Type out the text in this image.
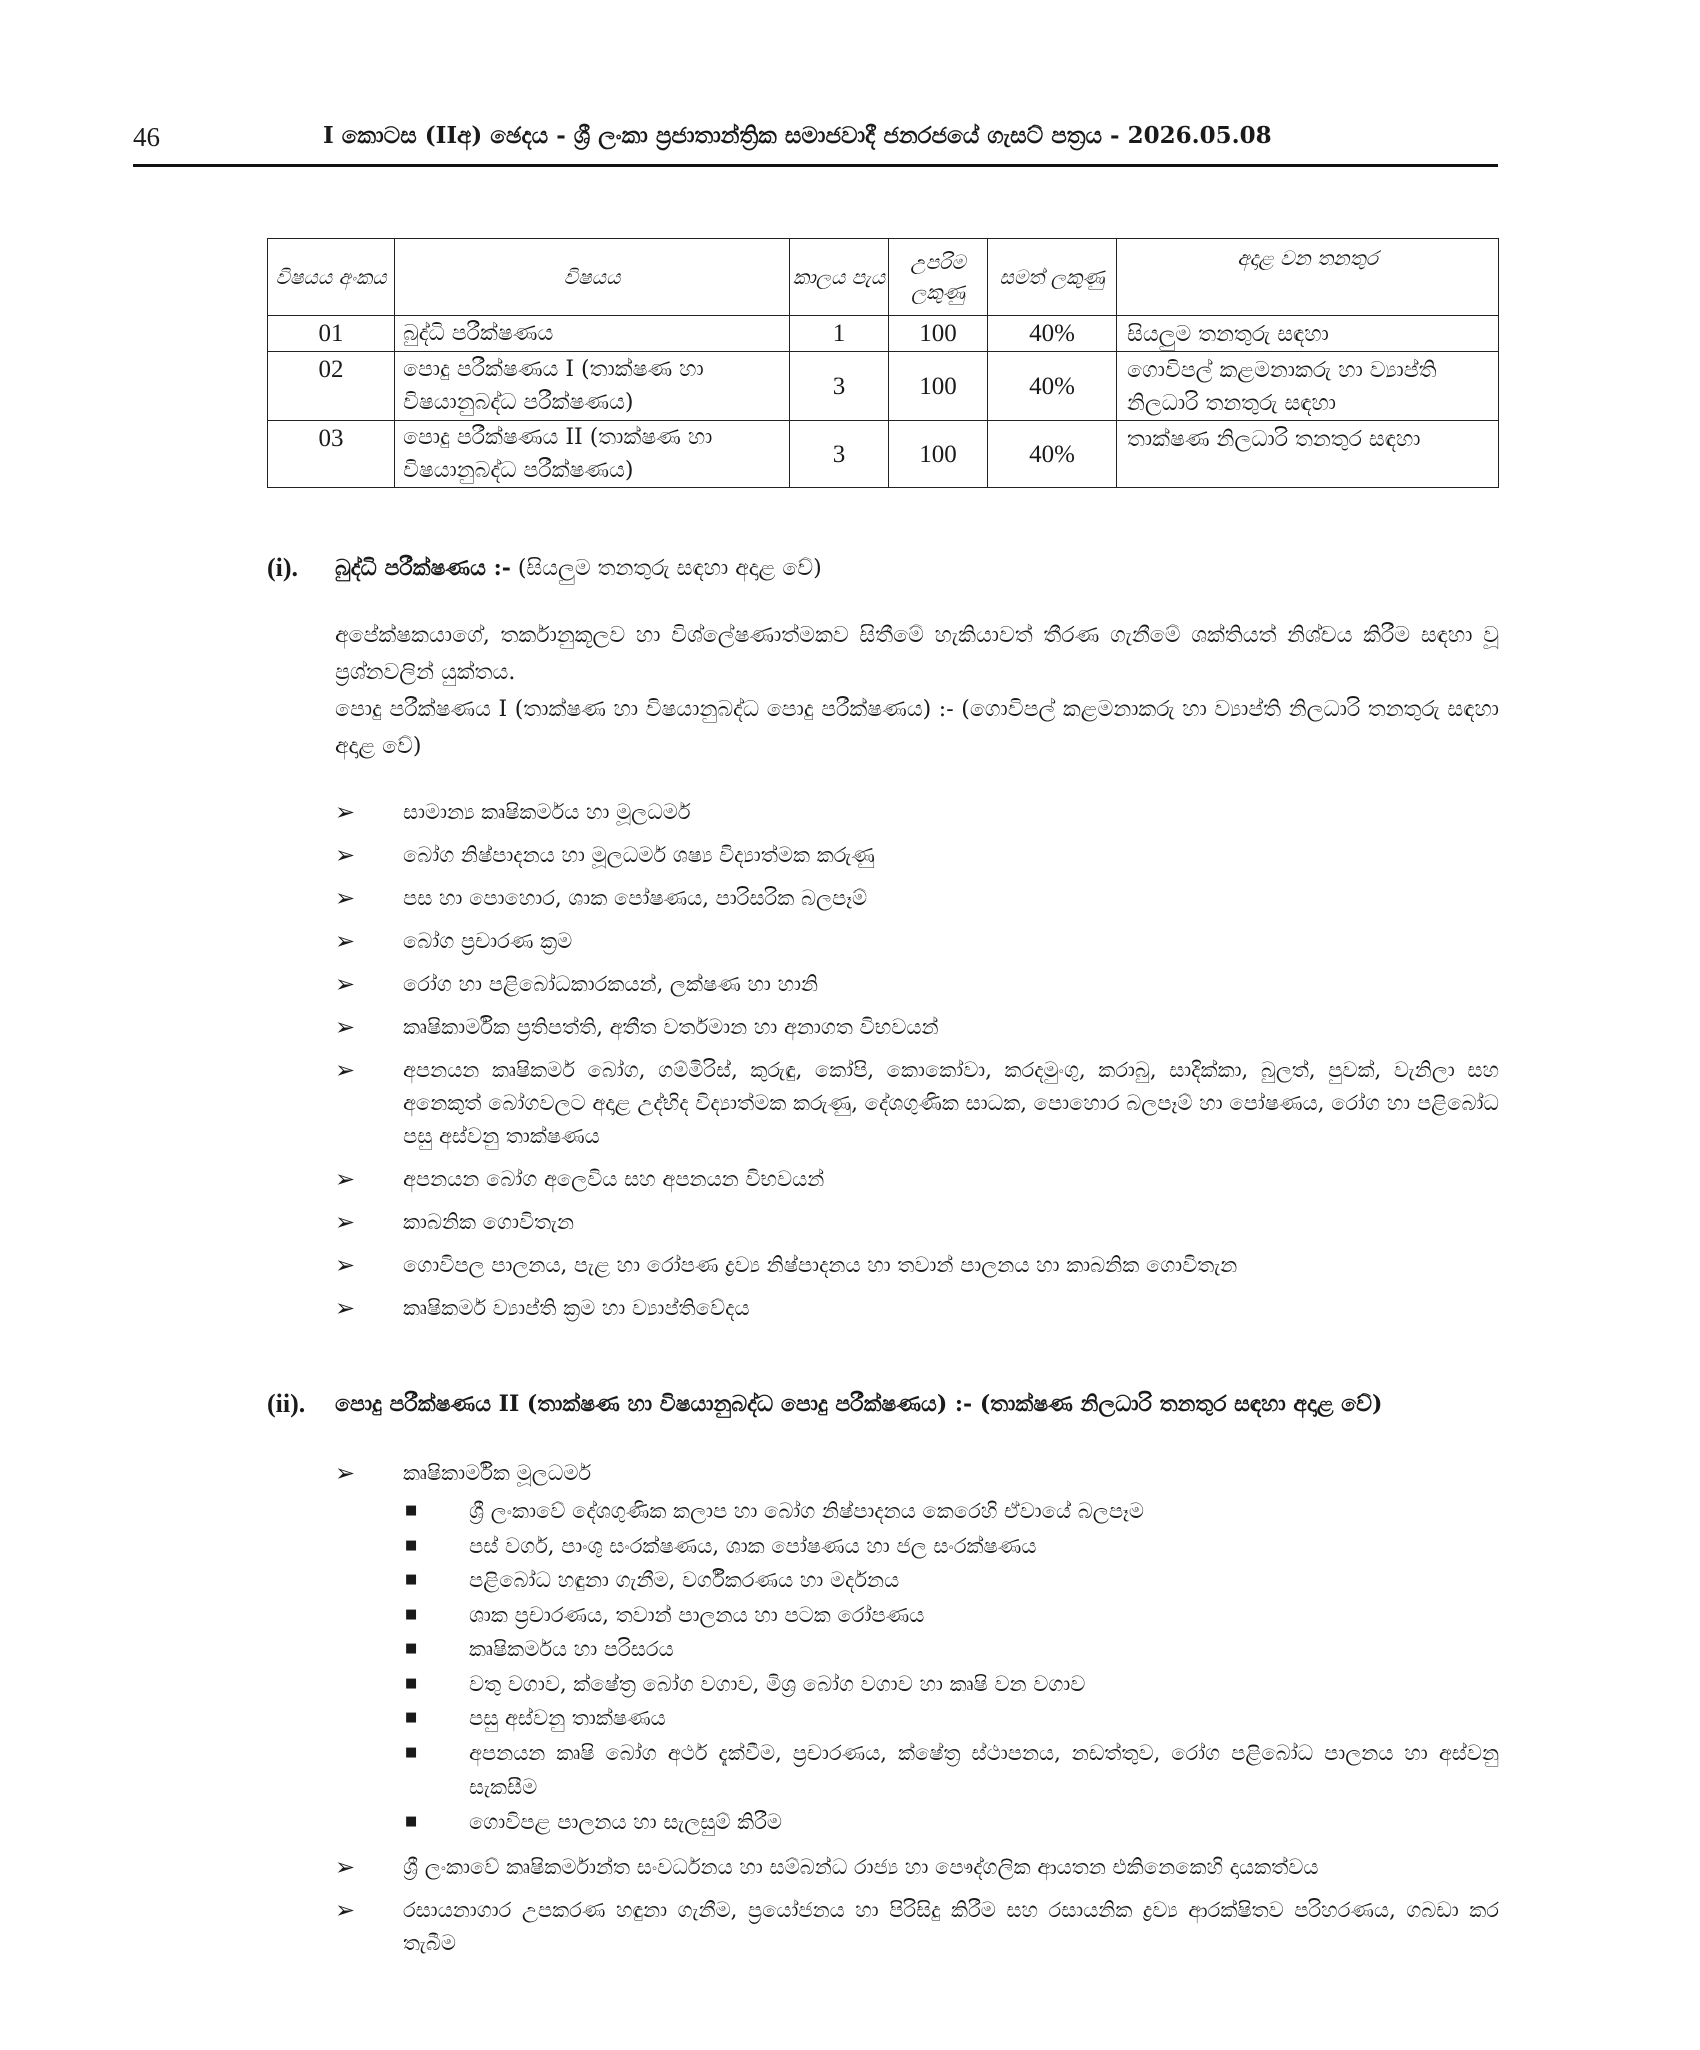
46	I කොටස (IIඅ) ඡෙදය - ශ්‍රී ලංකා ප්‍රජාතාන්ත්‍රික සමාජවාදී ජනරජයේ ගැසට් පත්‍රය - 2026.05.08
විෂයය අංකය	විෂයය	කාලය පැය	උපරිම ලකුණු	සමත් ලකුණු	අදාළ වන තනතුර
01	බුද්ධි පරීක්ෂණය	1	100	40%	සියලුම තනතුරු සඳහා
02	පොදු පරීක්ෂණය I (තාක්ෂණ හා විෂයානුබද්ධ පරීක්ෂණය)	3	100	40%	ගොවිපල් කළමනාකරු හා ව්‍යාප්ති නිලධාරි තනතුරු සඳහා
03	පොදු පරීක්ෂණය II (තාක්ෂණ හා විෂයානුබද්ධ පරීක්ෂණය)	3	100	40%	තාක්ෂණ නිලධාරි තනතුර සඳහා
(i). බුද්ධි පරීක්ෂණය :- (සියලුම තනතුරු සඳහා අදාළ වේ)
අපේක්ෂකයාගේ, තර්කානුකූලව හා විශ්ලේෂණාත්මකව සිතීමේ හැකියාවත් තීරණ ගැනීමේ ශක්තියත් නිශ්චය කිරීම සඳහා වූ ප්‍රශ්නවලින් යුක්තය.
පොදු පරීක්ෂණය I (තාක්ෂණ හා විෂයානුබද්ධ පොදු පරීක්ෂණය) :- (ගොවිපල් කළමනාකරු හා ව්‍යාප්ති නිලධාරි තනතුරු සඳහා අදාළ වේ)
➢ සාමාන්‍ය කෘෂිකර්මය හා මූලධර්ම
➢ බෝග නිෂ්පාදනය හා මූලධර්ම ශෂ්‍ය විද්‍යාත්මක කරුණු
➢ පස හා පොහොර, ශාක පෝෂණය, පාරිසරික බලපෑම්
➢ බෝග ප්‍රචාරණ ක්‍රම
➢ රෝග හා පළිබෝධකාරකයන්, ලක්ෂණ හා හානි
➢ කෘෂිකාර්මික ප්‍රතිපත්ති, අතීත වර්තමාන හා අනාගත විභවයන්
➢ අපනයන කෘෂිකර්ම බෝග, ගම්මිරිස්, කුරුඳු, කෝපි, කොකෝවා, කරදමුංගු, කරාබු, සාදික්කා, බුලත්, පුවක්, වැනිලා සහ අනෙකුත් බෝගවලට අදාළ උද්භිද විද්‍යාත්මක කරුණු, දේශගුණික සාධක, පොහොර බලපෑම් හා පෝෂණය, රෝග හා පළිබෝධ පසු අස්වනු තාක්ෂණය
➢ අපනයන බෝග අලෙවිය සහ අපනයන විභවයන්
➢ කාබනික ගොවිතැන
➢ ගොවිපල පාලනය, පැළ හා රෝපණ ද්‍රව්‍ය නිෂ්පාදනය හා තවාන් පාලනය හා කාබනික ගොවිතැන
➢ කෘෂිකර්ම ව්‍යාප්ති ක්‍රම හා ව්‍යාප්තිවේදය
(ii). පොදු පරීක්ෂණය II (තාක්ෂණ හා විෂයානුබද්ධ පොදු පරීක්ෂණය) :- (තාක්ෂණ නිලධාරි තනතුර සඳහා අදාළ වේ)
➢ කෘෂිකාර්මික මූලධර්ම
■ ශ්‍රී ලංකාවේ දේශගුණික කලාප හා බෝග නිෂ්පාදනය කෙරෙහි ඒවායේ බලපෑම
■ පස් වර්ග, පාංශු සංරක්ෂණය, ශාක පෝෂණය හා ජල සංරක්ෂණය
■ පළිබෝධ හඳුනා ගැනීම, වර්ගීකරණය හා මර්දනය
■ ශාක ප්‍රචාරණය, තවාන් පාලනය හා පටක රෝපණය
■ කෘෂිකර්මය හා පරිසරය
■ වතු වගාව, ක්ෂේත්‍ර බෝග වගාව, මිශ්‍ර බෝග වගාව හා කෘෂි වන වගාව
■ පසු අස්වනු තාක්ෂණය
■ අපනයන කෘෂි බෝග අර්ථ දැක්වීම, ප්‍රචාරණය, ක්ෂේත්‍ර ස්ථාපනය, නඩත්තුව, රෝග පළිබෝධ පාලනය හා අස්වනු සැකසීම
■ ගොවිපළ පාලනය හා සැලසුම් කිරීම
➢ ශ්‍රී ලංකාවේ කෘෂිකර්මාන්ත සංවර්ධනය හා සම්බන්ධ රාජ්‍ය හා පෞද්ගලික ආයතන එකිනෙකෙහි දායකත්වය
➢ රසායනාගාර උපකරණ හඳුනා ගැනීම, ප්‍රයෝජනය හා පිරිසිදු කිරීම සහ රසායනික ද්‍රව්‍ය ආරක්ෂිතව පරිහරණය, ගබඩා කර තැබීම
